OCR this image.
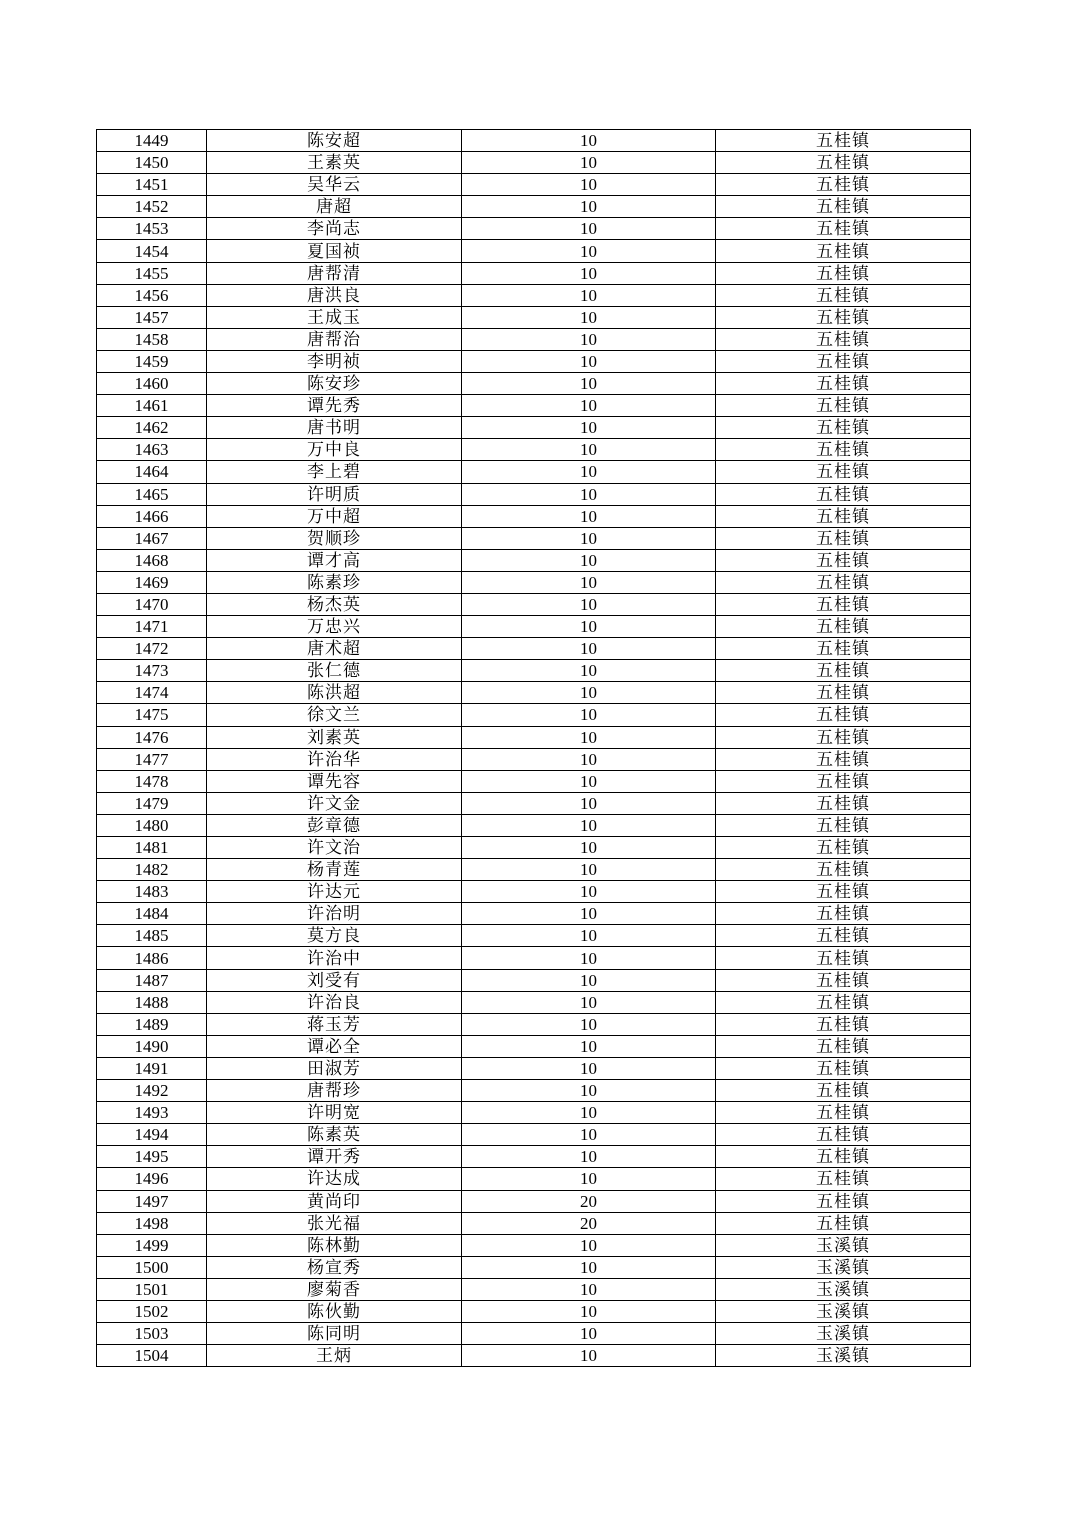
1449	陈安超	10	五桂镇
1450	王素英	10	五桂镇
1451	吴华云	10	五桂镇
1452	唐超	10	五桂镇
1453	李尚志	10	五桂镇
1454	夏国祯	10	五桂镇
1455	唐帮清	10	五桂镇
1456	唐洪良	10	五桂镇
1457	王成玉	10	五桂镇
1458	唐帮治	10	五桂镇
1459	李明祯	10	五桂镇
1460	陈安珍	10	五桂镇
1461	谭先秀	10	五桂镇
1462	唐书明	10	五桂镇
1463	万中良	10	五桂镇
1464	李上碧	10	五桂镇
1465	许明质	10	五桂镇
1466	万中超	10	五桂镇
1467	贺顺珍	10	五桂镇
1468	谭才高	10	五桂镇
1469	陈素珍	10	五桂镇
1470	杨杰英	10	五桂镇
1471	万忠兴	10	五桂镇
1472	唐术超	10	五桂镇
1473	张仁德	10	五桂镇
1474	陈洪超	10	五桂镇
1475	徐文兰	10	五桂镇
1476	刘素英	10	五桂镇
1477	许治华	10	五桂镇
1478	谭先容	10	五桂镇
1479	许文金	10	五桂镇
1480	彭章德	10	五桂镇
1481	许文治	10	五桂镇
1482	杨青莲	10	五桂镇
1483	许达元	10	五桂镇
1484	许治明	10	五桂镇
1485	莫方良	10	五桂镇
1486	许治中	10	五桂镇
1487	刘受有	10	五桂镇
1488	许治良	10	五桂镇
1489	蒋玉芳	10	五桂镇
1490	谭必全	10	五桂镇
1491	田淑芳	10	五桂镇
1492	唐帮珍	10	五桂镇
1493	许明宽	10	五桂镇
1494	陈素英	10	五桂镇
1495	谭开秀	10	五桂镇
1496	许达成	10	五桂镇
1497	黄尚印	20	五桂镇
1498	张光福	20	五桂镇
1499	陈林勤	10	玉溪镇
1500	杨宣秀	10	玉溪镇
1501	廖菊香	10	玉溪镇
1502	陈伙勤	10	玉溪镇
1503	陈同明	10	玉溪镇
1504	王炳	10	玉溪镇
